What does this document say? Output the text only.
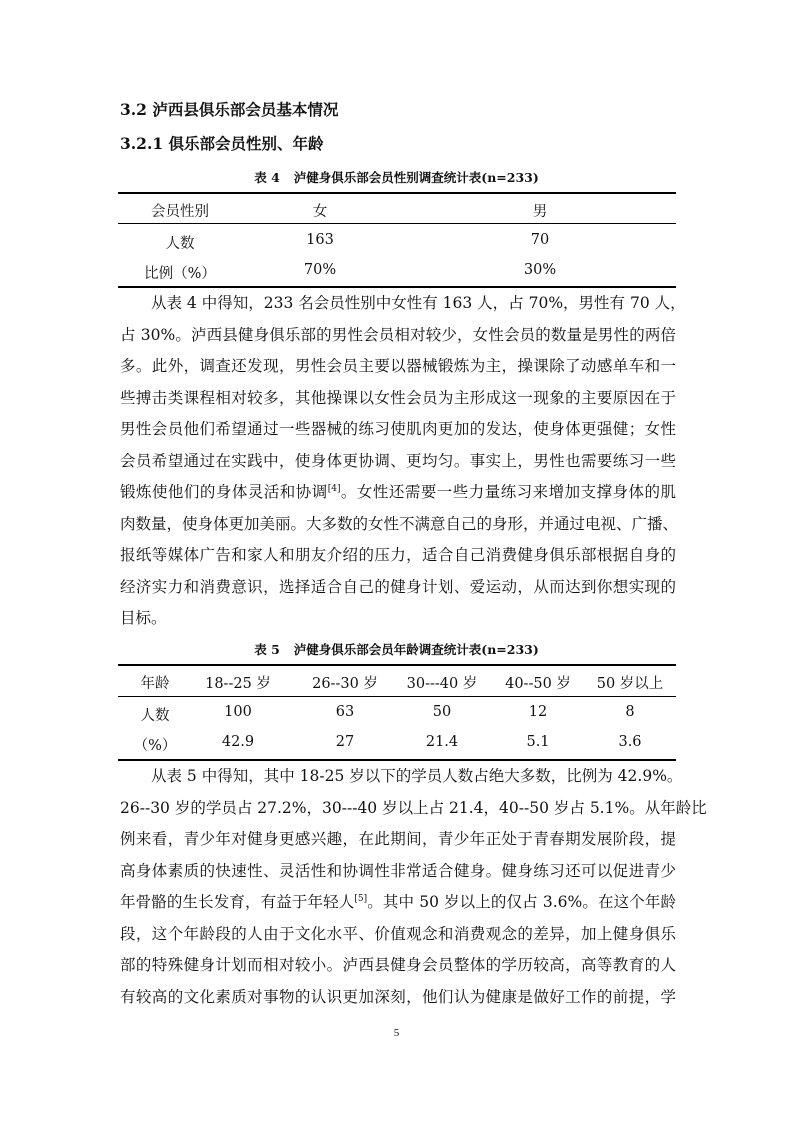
3.2 泸西县俱乐部会员基本情况
3.2.1 俱乐部会员性别、年龄
表 4 泸健身俱乐部会员性别调查统计表(n=233)
会员性别	女	男
人数	163	70
比例（%）	70%	30%
从表 4 中得知，233 名会员性别中女性有 163 人，占 70%，男性有 70 人，
占 30%。泸西县健身俱乐部的男性会员相对较少，女性会员的数量是男性的两倍
多。此外，调查还发现，男性会员主要以器械锻炼为主，操课除了动感单车和一
些搏击类课程相对较多，其他操课以女性会员为主形成这一现象的主要原因在于
男性会员他们希望通过一些器械的练习使肌肉更加的发达，使身体更强健；女性
会员希望通过在实践中，使身体更协调、更均匀。事实上，男性也需要练习一些
锻炼使他们的身体灵活和协调[4]。女性还需要一些力量练习来增加支撑身体的肌
肉数量，使身体更加美丽。大多数的女性不满意自己的身形，并通过电视、广播、
报纸等媒体广告和家人和朋友介绍的压力，适合自己消费健身俱乐部根据自身的
经济实力和消费意识，选择适合自己的健身计划、爱运动，从而达到你想实现的
目标。
表 5 泸健身俱乐部会员年龄调查统计表(n=233)
年龄	18--25 岁	26--30 岁	30---40 岁	40--50 岁	50 岁以上
人数	100	63	50	12	8
（%）	42.9	27	21.4	5.1	3.6
从表 5 中得知，其中 18-25 岁以下的学员人数占绝大多数，比例为 42.9%。
26--30 岁的学员占 27.2%，30---40 岁以上占 21.4，40--50 岁占 5.1%。从年龄比
例来看，青少年对健身更感兴趣，在此期间，青少年正处于青春期发展阶段，提
高身体素质的快速性、灵活性和协调性非常适合健身。健身练习还可以促进青少
年骨骼的生长发育，有益于年轻人[5]。其中 50 岁以上的仅占 3.6%。在这个年龄
段，这个年龄段的人由于文化水平、价值观念和消费观念的差异，加上健身俱乐
部的特殊健身计划而相对较小。泸西县健身会员整体的学历较高，高等教育的人
有较高的文化素质对事物的认识更加深刻，他们认为健康是做好工作的前提，学
5
